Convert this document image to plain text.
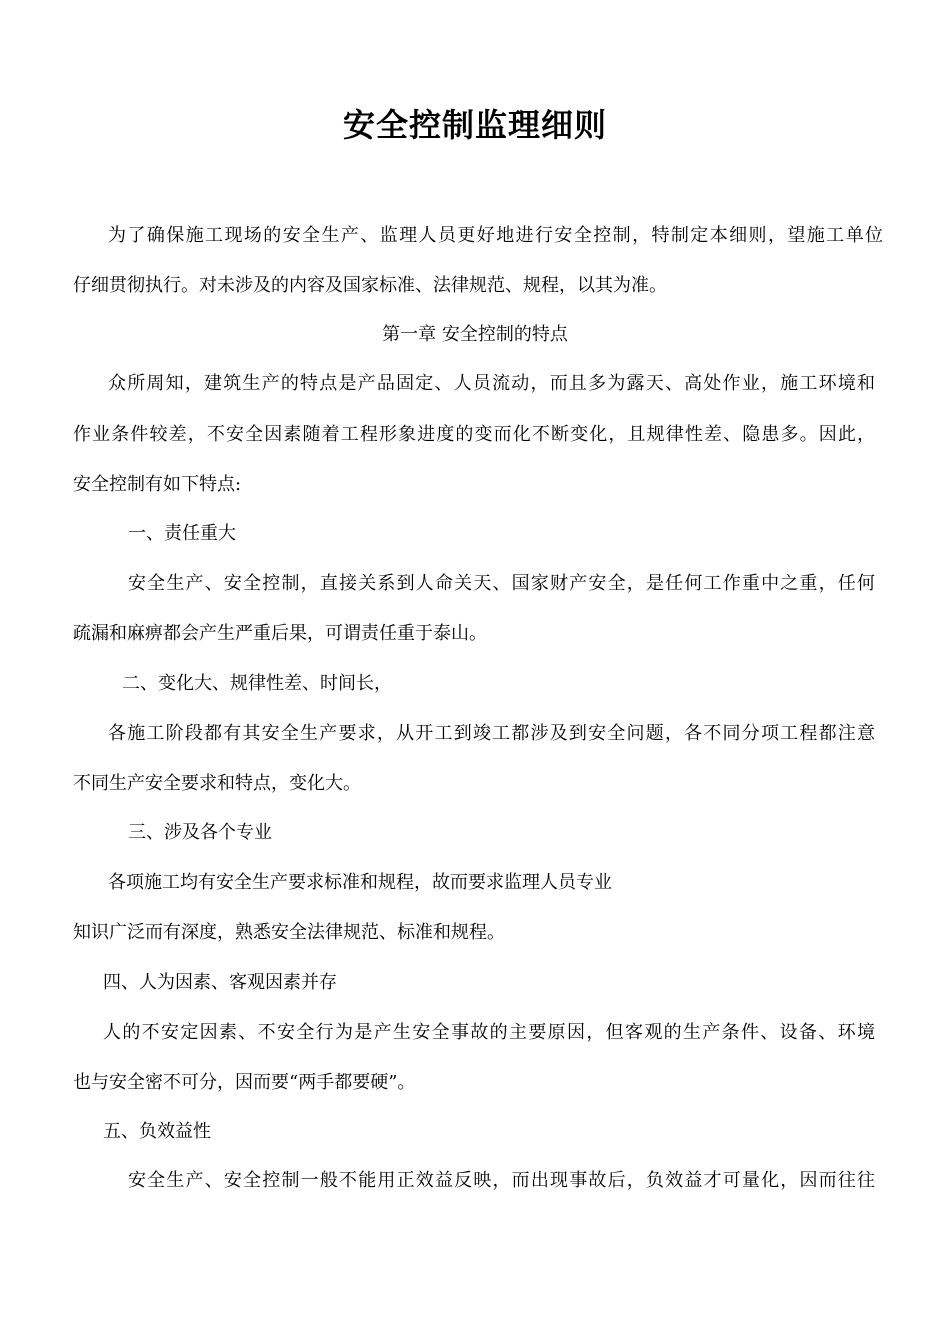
安全控制监理细则
为了确保施工现场的安全生产、监理人员更好地进行安全控制，特制定本细则，望施工单位
仔细贯彻执行。对未涉及的内容及国家标准、法律规范、规程，以其为准。
第一章 安全控制的特点
众所周知，建筑生产的特点是产品固定、人员流动，而且多为露天、高处作业，施工环境和
作业条件较差，不安全因素随着工程形象进度的变而化不断变化，且规律性差、隐患多。因此，
安全控制有如下特点:
一、责任重大
安全生产、安全控制，直接关系到人命关天、国家财产安全，是任何工作重中之重，任何
疏漏和麻痹都会产生严重后果，可谓责任重于泰山。
二、变化大、规律性差、时间长，
各施工阶段都有其安全生产要求，从开工到竣工都涉及到安全问题，各不同分项工程都注意
不同生产安全要求和特点，变化大。
三、涉及各个专业
各项施工均有安全生产要求标准和规程，故而要求监理人员专业
知识广泛而有深度，熟悉安全法律规范、标准和规程。
四、人为因素、客观因素并存
人的不安定因素、不安全行为是产生安全事故的主要原因，但客观的生产条件、设备、环境
也与安全密不可分，因而要“两手都要硬”。
五、负效益性
安全生产、安全控制一般不能用正效益反映，而出现事故后，负效益才可量化，因而往往
